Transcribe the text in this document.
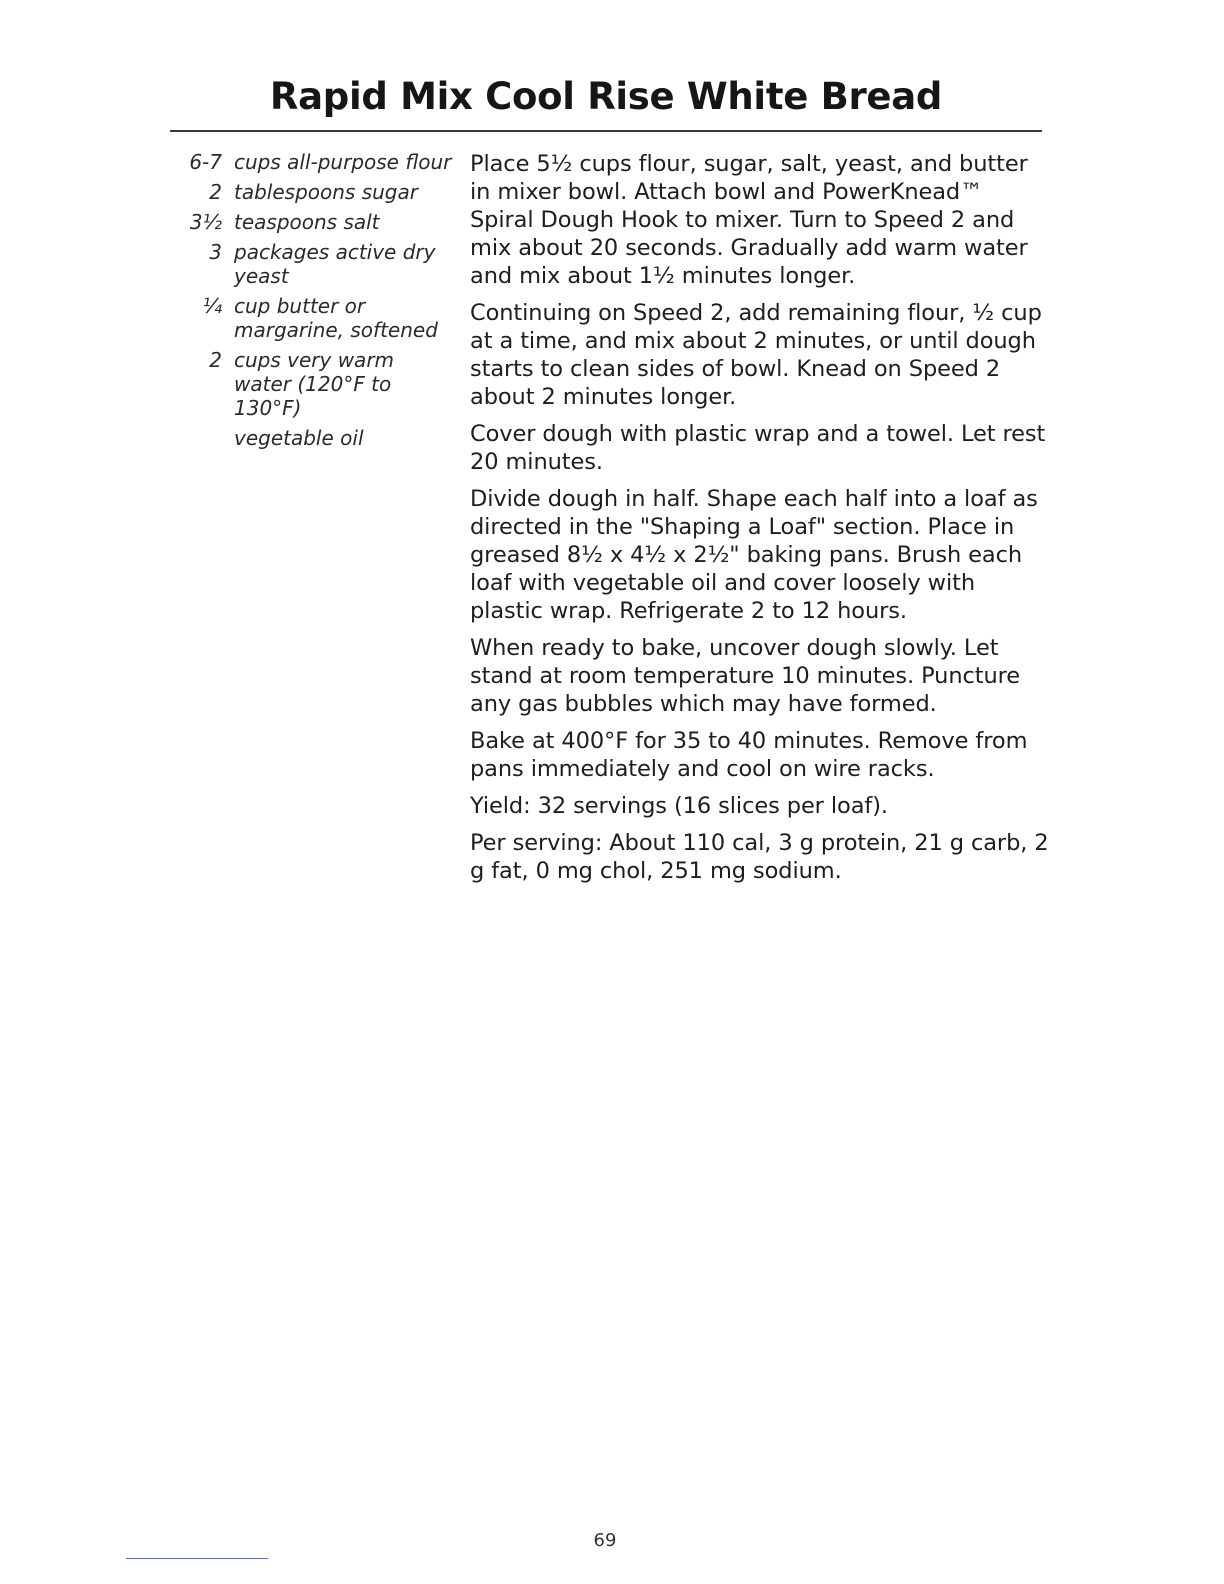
Rapid Mix Cool Rise White Bread
6-7 cups all-purpose flour
2 tablespoons sugar
3½ teaspoons salt
3 packages active dry yeast
¼ cup butter or margarine, softened
2 cups very warm water (120°F to 130°F)
vegetable oil

Place 5½ cups flour, sugar, salt, yeast, and butter in mixer bowl. Attach bowl and PowerKnead™ Spiral Dough Hook to mixer. Turn to Speed 2 and mix about 20 seconds. Gradually add warm water and mix about 1½ minutes longer.

Continuing on Speed 2, add remaining flour, ½ cup at a time, and mix about 2 minutes, or until dough starts to clean sides of bowl. Knead on Speed 2 about 2 minutes longer.

Cover dough with plastic wrap and a towel. Let rest 20 minutes.

Divide dough in half. Shape each half into a loaf as directed in the "Shaping a Loaf" section. Place in greased 8½ x 4½ x 2½" baking pans. Brush each loaf with vegetable oil and cover loosely with plastic wrap. Refrigerate 2 to 12 hours.

When ready to bake, uncover dough slowly. Let stand at room temperature 10 minutes. Puncture any gas bubbles which may have formed.

Bake at 400°F for 35 to 40 minutes. Remove from pans immediately and cool on wire racks.

Yield: 32 servings (16 slices per loaf).

Per serving: About 110 cal, 3 g protein, 21 g carb, 2 g fat, 0 mg chol, 251 mg sodium.

69
